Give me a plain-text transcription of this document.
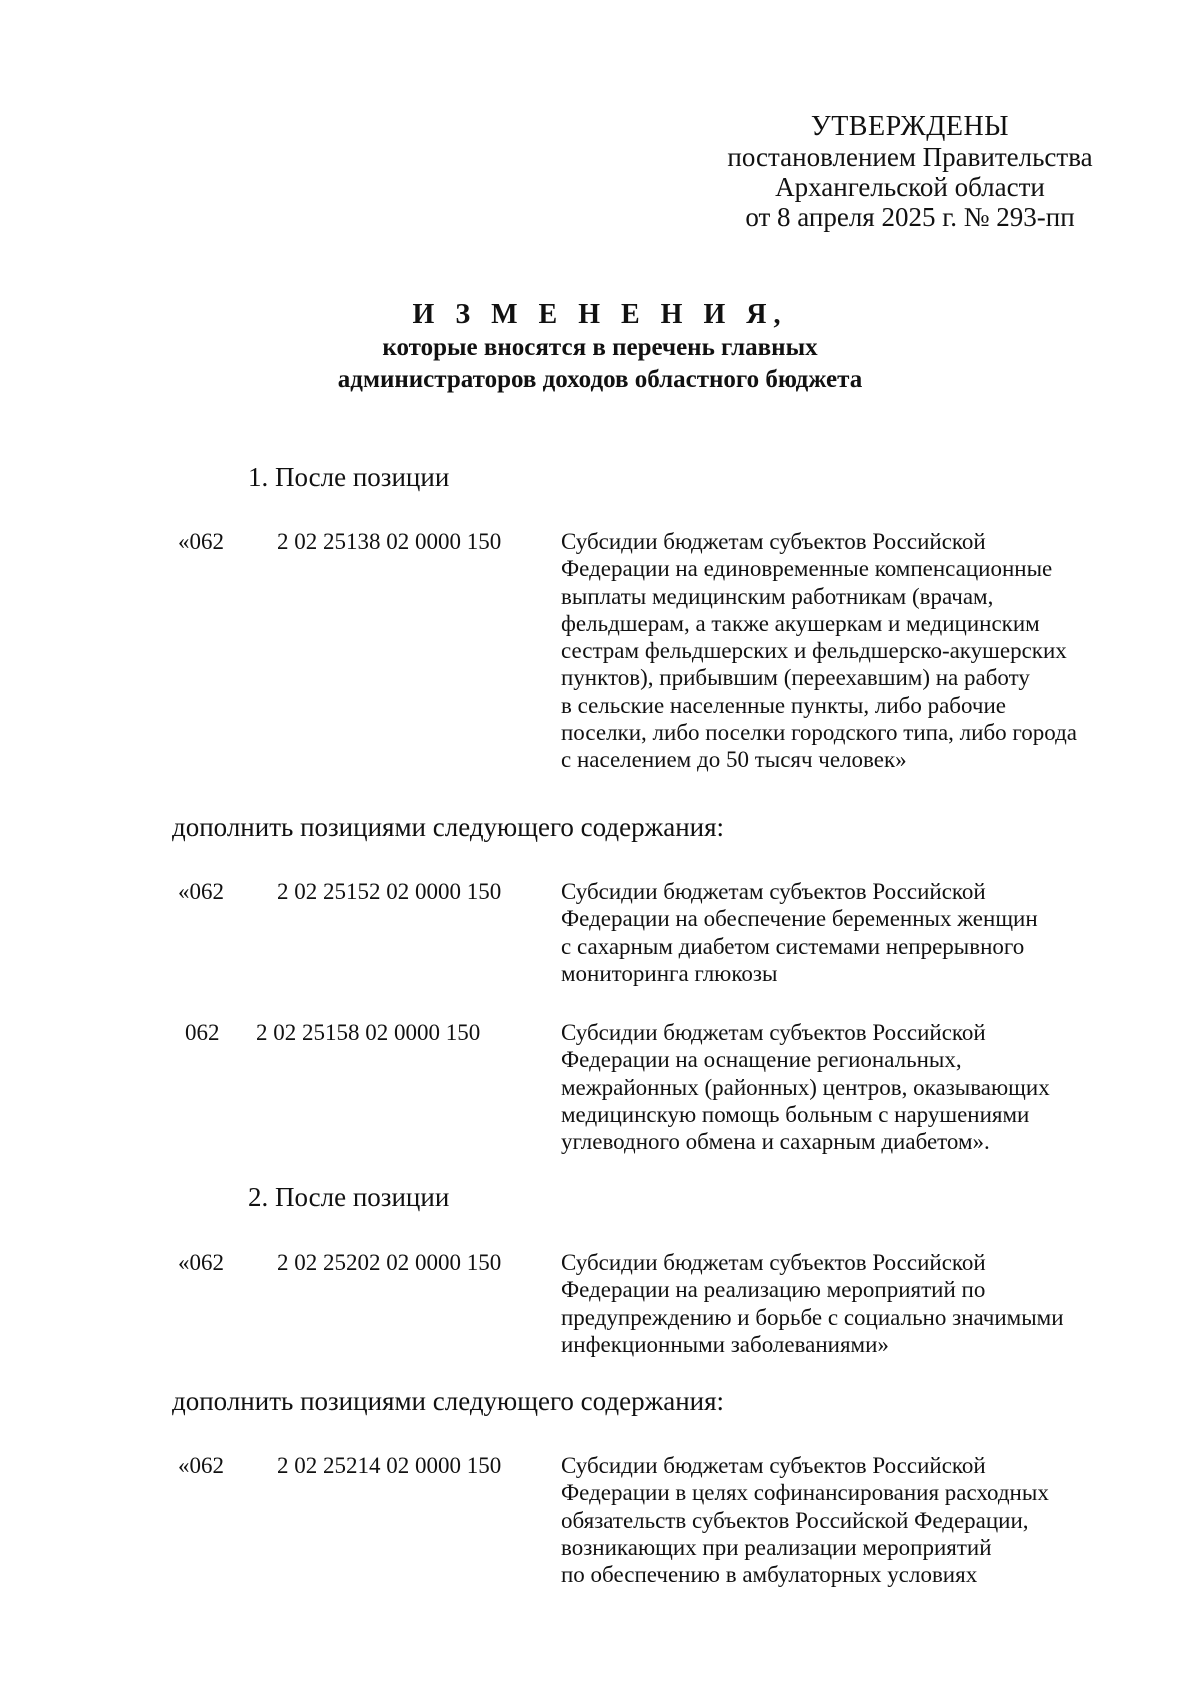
УТВЕРЖДЕНЫ
постановлением Правительства
Архангельской области
от 8 апреля 2025 г. № 293-пп
И З М Е Н Е Н И Я,
которые вносятся в перечень главных
администраторов доходов областного бюджета
1. После позиции
«062 2 02 25138 02 0000 150	Субсидии бюджетам субъектов Российской
Федерации на единовременные компенсационные
выплаты медицинским работникам (врачам,
фельдшерам, а также акушеркам и медицинским
сестрам фельдшерских и фельдшерско-акушерских
пунктов), прибывшим (переехавшим) на работу
в сельские населенные пункты, либо рабочие
поселки, либо поселки городского типа, либо города
с населением до 50 тысяч человек»
дополнить позициями следующего содержания:
«062 2 02 25152 02 0000 150	Субсидии бюджетам субъектов Российской
Федерации на обеспечение беременных женщин
с сахарным диабетом системами непрерывного
мониторинга глюкозы
062 2 02 25158 02 0000 150	Субсидии бюджетам субъектов Российской
Федерации на оснащение региональных,
межрайонных (районных) центров, оказывающих
медицинскую помощь больным с нарушениями
углеводного обмена и сахарным диабетом».
2. После позиции
«062 2 02 25202 02 0000 150	Субсидии бюджетам субъектов Российской
Федерации на реализацию мероприятий по
предупреждению и борьбе с социально значимыми
инфекционными заболеваниями»
дополнить позициями следующего содержания:
«062 2 02 25214 02 0000 150	Субсидии бюджетам субъектов Российской
Федерации в целях софинансирования расходных
обязательств субъектов Российской Федерации,
возникающих при реализации мероприятий
по обеспечению в амбулаторных условиях
